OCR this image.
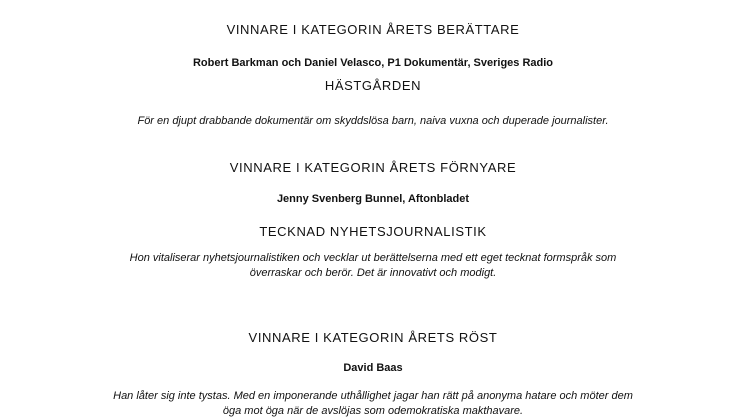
VINNARE I KATEGORIN ÅRETS BERÄTTARE
Robert Barkman och Daniel Velasco, P1 Dokumentär, Sveriges Radio
HÄSTGÅRDEN
För en djupt drabbande dokumentär om skyddslösa barn, naiva vuxna och duperade journalister.
VINNARE I KATEGORIN ÅRETS FÖRNYARE
Jenny Svenberg Bunnel, Aftonbladet
TECKNAD NYHETSJOURNALISTIK
Hon vitaliserar nyhetsjournalistiken och vecklar ut berättelserna med ett eget tecknat formspråk som
överraskar och berör. Det är innovativt och modigt.
VINNARE I KATEGORIN ÅRETS RÖST
David Baas
Han låter sig inte tystas. Med en imponerande uthållighet jagar han rätt på anonyma hatare och möter dem
öga mot öga när de avslöjas som odemokratiska makthavare.
